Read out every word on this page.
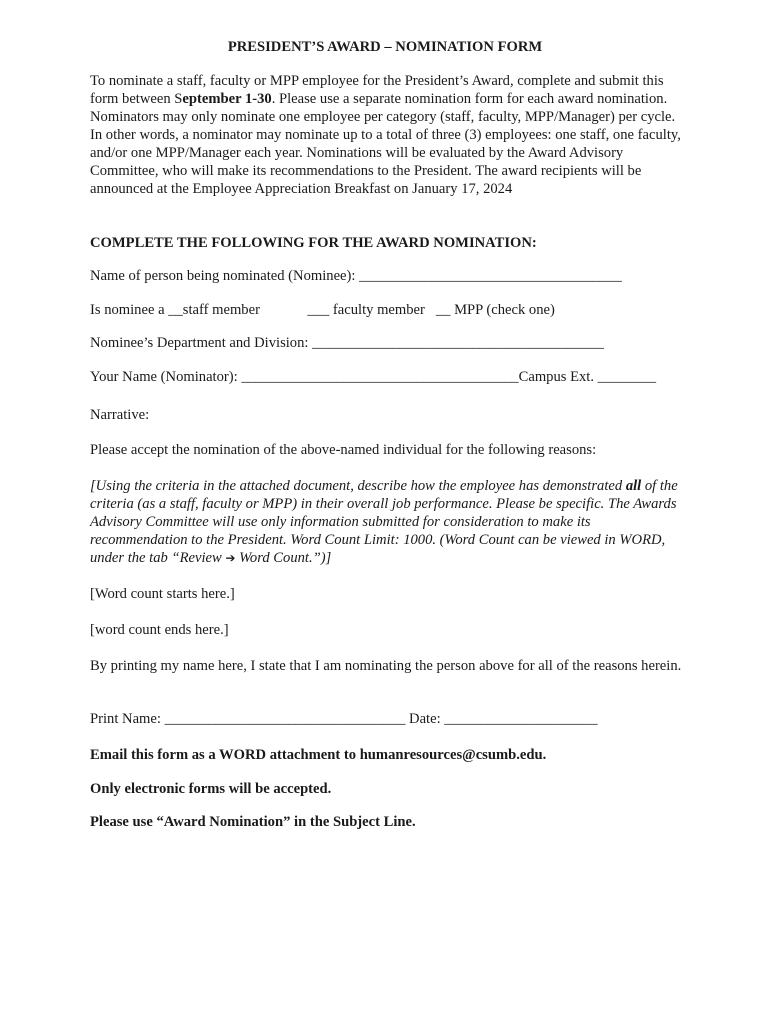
PRESIDENT’S AWARD – NOMINATION FORM

To nominate a staff, faculty or MPP employee for the President’s Award, complete and submit this form between September 1-30. Please use a separate nomination form for each award nomination. Nominators may only nominate one employee per category (staff, faculty, MPP/Manager) per cycle. In other words, a nominator may nominate up to a total of three (3) employees: one staff, one faculty, and/or one MPP/Manager each year. Nominations will be evaluated by the Award Advisory Committee, who will make its recommendations to the President. The award recipients will be announced at the Employee Appreciation Breakfast on January 17, 2024

COMPLETE THE FOLLOWING FOR THE AWARD NOMINATION:

Name of person being nominated (Nominee): ____________________________________

Is nominee a __staff member             ___ faculty member   __ MPP (check one)

Nominee’s Department and Division: ________________________________________

Your Name (Nominator): ______________________________________Campus Ext. ________

Narrative:

Please accept the nomination of the above-named individual for the following reasons:

[Using the criteria in the attached document, describe how the employee has demonstrated all of the criteria (as a staff, faculty or MPP) in their overall job performance. Please be specific. The Awards Advisory Committee will use only information submitted for consideration to make its recommendation to the President. Word Count Limit: 1000. (Word Count can be viewed in WORD, under the tab “Review ➔ Word Count.”)]

[Word count starts here.]

[word count ends here.]

By printing my name here, I state that I am nominating the person above for all of the reasons herein.

Print Name: _________________________________ Date: _____________________

Email this form as a WORD attachment to humanresources@csumb.edu.

Only electronic forms will be accepted.

Please use “Award Nomination” in the Subject Line.
